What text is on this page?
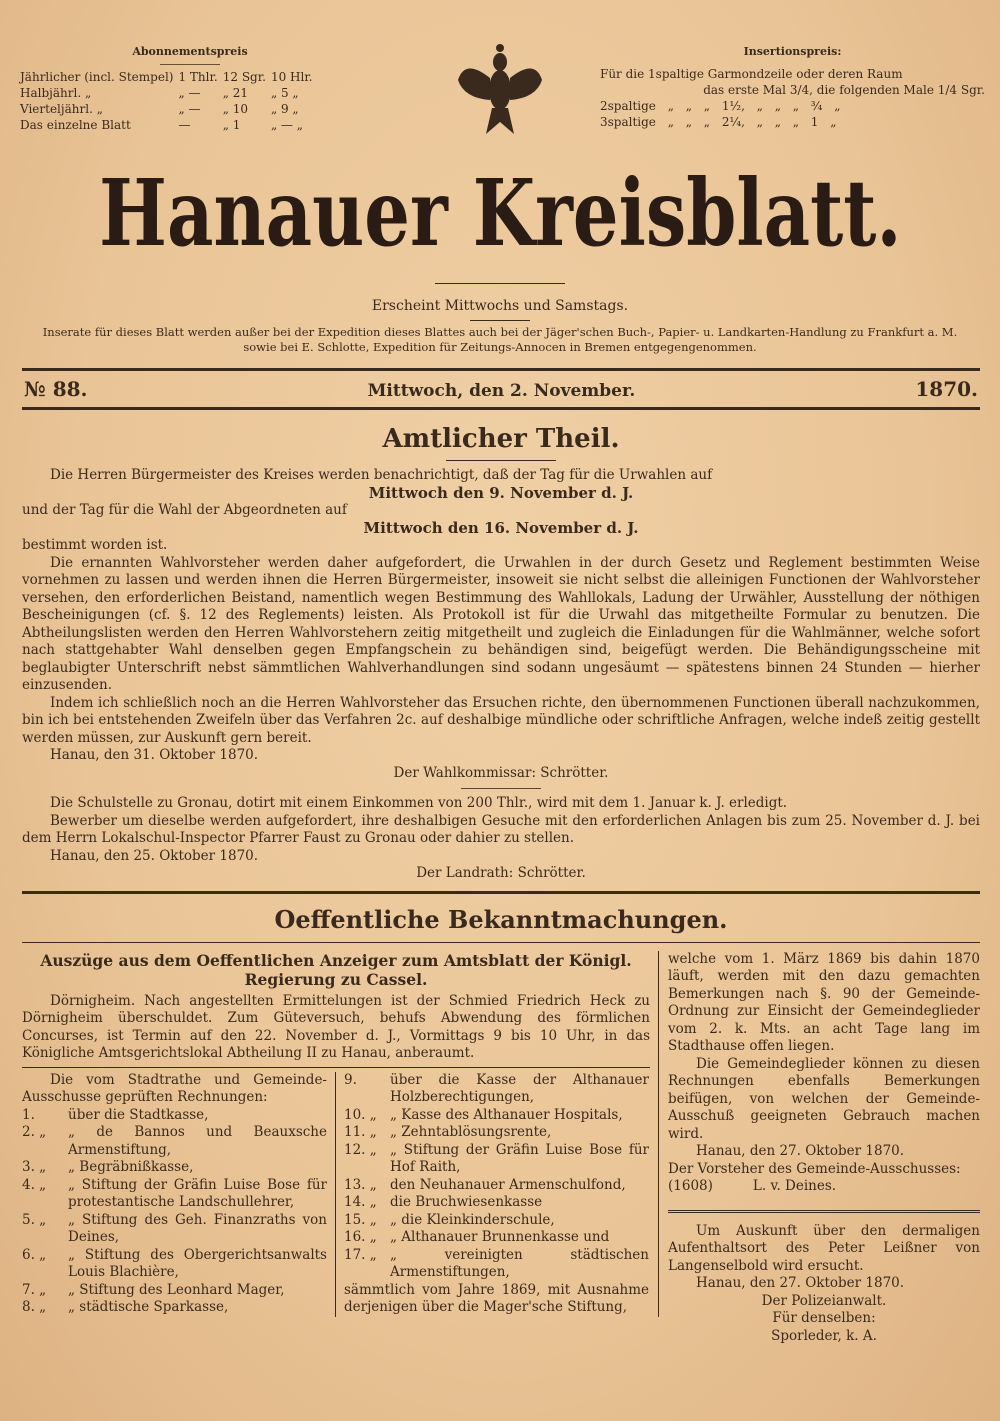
Abonnementspreis
Jährlicher (incl. Stempel)	1 Thlr.	12 Sgr.	10 Hlr.
Halbjährl. „	„ —	„ 21	„ 5 „
Vierteljährl. „	„ —	„ 10	„ 9 „
Das einzelne Blatt	—	„ 1	„ — „
Insertionspreis:
Für die 1spaltige Garmondzeile oder deren Raum
das erste Mal 3/4, die folgenden Male 1/4 Sgr.
2spaltige „ „ „ 1½, „ „ „ ¾ „
3spaltige „ „ „ 2¼, „ „ „ 1 „
Hanauer Kreisblatt.
Erscheint Mittwochs und Samstags.
Inserate für dieses Blatt werden außer bei der Expedition dieses Blattes auch bei der Jäger'schen Buch-, Papier- u. Landkarten-Handlung zu Frankfurt a. M. sowie bei E. Schlotte, Expedition für Zeitungs-Annocen in Bremen entgegengenommen.
№ 88.	Mittwoch, den 2. November.	1870.
Amtlicher Theil.
Die Herren Bürgermeister des Kreises werden benachrichtigt, daß der Tag für die Urwahlen auf
Mittwoch den 9. November d. J.
und der Tag für die Wahl der Abgeordneten auf
Mittwoch den 16. November d. J.
bestimmt worden ist.
Die ernannten Wahlvorsteher werden daher aufgefordert, die Urwahlen in der durch Gesetz und Reglement bestimmten Weise vornehmen zu lassen und werden ihnen die Herren Bürgermeister, insoweit sie nicht selbst die alleinigen Functionen der Wahlvorsteher versehen, den erforderlichen Beistand, namentlich wegen Bestimmung des Wahllokals, Ladung der Urwähler, Ausstellung der nöthigen Bescheinigungen (cf. §. 12 des Reglements) leisten. Als Protokoll ist für die Urwahl das mitgetheilte Formular zu benutzen. Die Abtheilungslisten werden den Herren Wahlvorstehern zeitig mitgetheilt und zugleich die Einladungen für die Wahlmänner, welche sofort nach stattgehabter Wahl denselben gegen Empfangschein zu behändigen sind, beigefügt werden. Die Behändigungsscheine mit beglaubigter Unterschrift nebst sämmtlichen Wahlverhandlungen sind sodann ungesäumt — spätestens binnen 24 Stunden — hierher einzusenden.
Indem ich schließlich noch an die Herren Wahlvorsteher das Ersuchen richte, den übernommenen Functionen überall nachzukommen, bin ich bei entstehenden Zweifeln über das Verfahren 2c. auf deshalbige mündliche oder schriftliche Anfragen, welche indeß zeitig gestellt werden müssen, zur Auskunft gern bereit.
Hanau, den 31. Oktober 1870.
Der Wahlkommissar: Schrötter.
Die Schulstelle zu Gronau, dotirt mit einem Einkommen von 200 Thlr., wird mit dem 1. Januar k. J. erledigt.
Bewerber um dieselbe werden aufgefordert, ihre deshalbigen Gesuche mit den erforderlichen Anlagen bis zum 25. November d. J. bei dem Herrn Lokalschul-Inspector Pfarrer Faust zu Gronau oder dahier zu stellen.
Hanau, den 25. Oktober 1870.
Der Landrath: Schrötter.
Oeffentliche Bekanntmachungen.
Auszüge aus dem Oeffentlichen Anzeiger zum Amtsblatt der Königl. Regierung zu Cassel.
Dörnigheim. Nach angestellten Ermittelungen ist der Schmied Friedrich Heck zu Dörnigheim überschuldet. Zum Güteversuch, behufs Abwendung des förmlichen Concurses, ist Termin auf den 22. November d. J., Vormittags 9 bis 10 Uhr, in das Königliche Amtsgerichtslokal Abtheilung II zu Hanau, anberaumt.
Die vom Stadtrathe und Gemeinde-Ausschusse geprüften Rechnungen:
1.	über die Stadtkasse,
2. „	„ de Bannos und Beauxsche Armenstiftung,
3. „	„ Begräbnißkasse,
4. „	„ Stiftung der Gräfin Luise Bose für protestantische Landschullehrer,
5. „	„ Stiftung des Geh. Finanzraths von Deines,
6. „	„ Stiftung des Obergerichtsanwalts Louis Blachière,
7. „	„ Stiftung des Leonhard Mager,
8. „	„ städtische Sparkasse,
9.	über die Kasse der Althanauer Holzberechtigungen,
10. „ „ Kasse des Althanauer Hospitals,
11. „ „ Zehntablösungsrente,
12. „ „ Stiftung der Gräfin Luise Bose für Hof Raith,
13. „ den Neuhanauer Armenschulfond,
14. „ die Bruchwiesenkasse
15. „ „ die Kleinkinderschule,
16. „ „ Althanauer Brunnenkasse und
17. „ „ vereinigten städtischen Armenstiftungen,
sämmtlich vom Jahre 1869, mit Ausnahme derjenigen über die Mager'sche Stiftung,
welche vom 1. März 1869 bis dahin 1870 läuft, werden mit den dazu gemachten Bemerkungen nach §. 90 der Gemeinde-Ordnung zur Einsicht der Gemeindeglieder vom 2. k. Mts. an acht Tage lang im Stadthause offen liegen.
Die Gemeindeglieder können zu diesen Rechnungen ebenfalls Bemerkungen beifügen, von welchen der Gemeinde-Ausschuß geeigneten Gebrauch machen wird.
Hanau, den 27. Oktober 1870.
Der Vorsteher des Gemeinde-Ausschusses:
(1608)	L. v. Deines.
Um Auskunft über den dermaligen Aufenthaltsort des Peter Leißner von Langenselbold wird ersucht.
Hanau, den 27. Oktober 1870.
Der Polizeianwalt.
Für denselben:
Sporleder, k. A.
